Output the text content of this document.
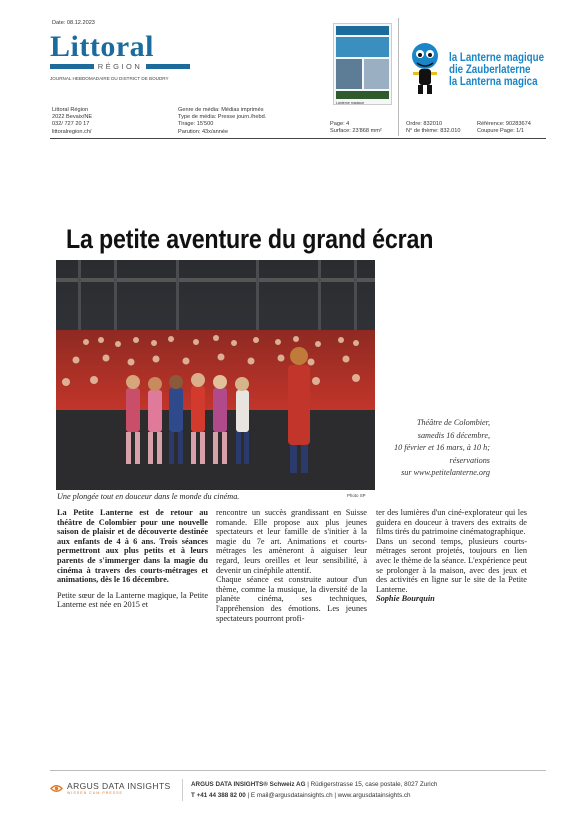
Date: 08.12.2023
Littoral
RÉGION
JOURNAL HEBDOMADAIRE DU DISTRICT DE BOUDRY
Lanterne magique
la Lanterne magique
die Zauberlaterne
la Lanterna magica
Littoral Région
2022 Bevaix/NE
032/ 727 20 17
littoralregion.ch/
Genre de média: Médias imprimés
Type de média: Presse journ./hebd.
Tirage: 15'500
Parution: 43x/année
Page: 4
Surface: 23'868 mm²
Ordre: 832010
N° de thème: 832.010
Référence: 90283674
Coupure Page: 1/1
La petite aventure du grand écran
Photo SP
Une plongée tout en douceur dans le monde du cinéma.
Théâtre de Colombier,
samedis 16 décembre,
10 février et 16 mars, à 10 h;
réservations
sur www.petitelanterne.org

La Petite Lanterne est de retour au théâtre de Colombier pour une nouvelle saison de plaisir et de découverte destinée aux enfants de 4 à 6 ans. Trois séances permettront aux plus petits et à leurs parents de s'immerger dans la magie du cinéma à travers des courts-métrages et animations, dès le 16 décembre.

Petite sœur de la Lanterne magique, la Petite Lanterne est née en 2015 et

rencontre un succès grandissant en Suisse romande. Elle propose aux plus jeunes spectateurs et leur famille de s'initier à la magie du 7e art. Animations et courts-métrages les amèneront à aiguiser leur regard, leurs oreilles et leur sensibilité, à devenir un cinéphile attentif.

Chaque séance est construite autour d'un thème, comme la musique, la diversité de la planète cinéma, ses techniques, l'appréhension des émotions. Les jeunes spectateurs pourront profi-

ter des lumières d'un ciné-explorateur qui les guidera en douceur à travers des extraits de films tirés du patrimoine cinématographique.

Dans un second temps, plusieurs courts-métrages seront projetés, toujours en lien avec le thème de la séance. L'expérience peut se prolonger à la maison, avec des jeux et des activités en ligne sur le site de la Petite Lanterne.

Sophie Bourquin
ARGUS DATA INSIGHTS
WISSEN CUM PRESSE
ARGUS DATA INSIGHTS® Schweiz AG | Rüdigerstrasse 15, case postale, 8027 Zurich
T +41 44 388 82 00 | E mail@argusdatainsights.ch | www.argusdatainsights.ch
